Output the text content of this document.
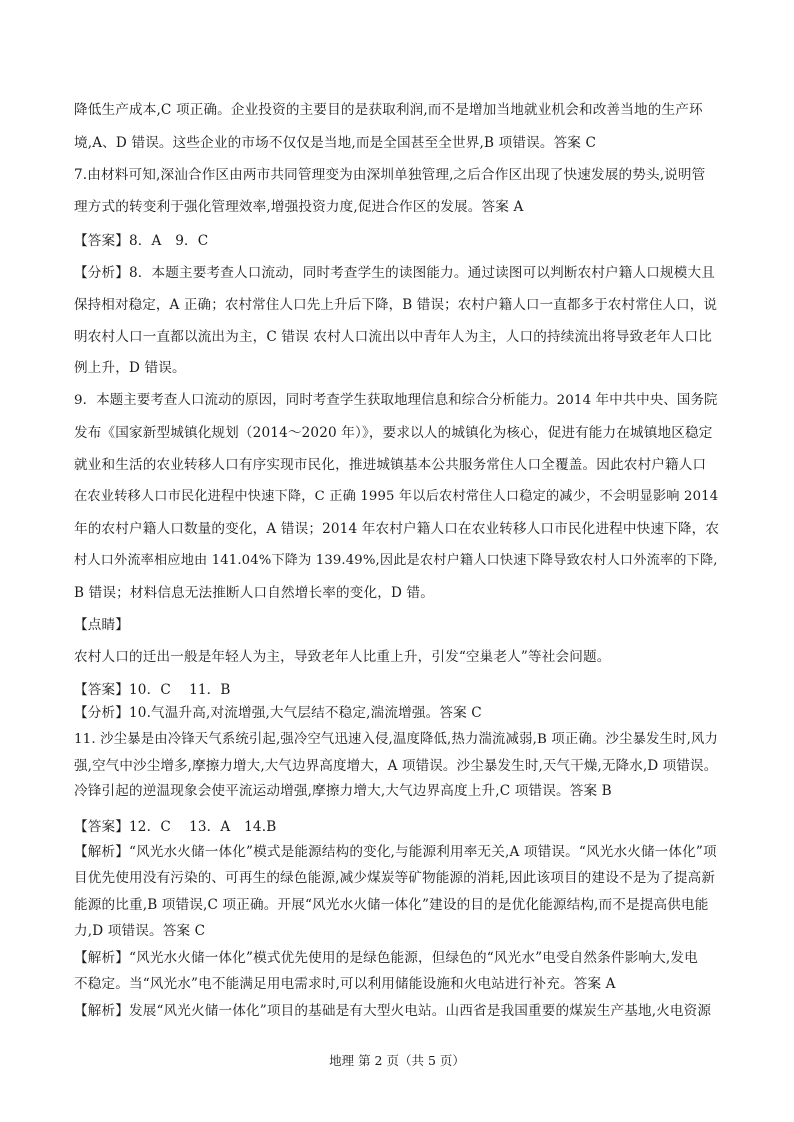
降低生产成本,C 项正确。企业投资的主要目的是获取利润,而不是增加当地就业机会和改善当地的生产环
境,A、D 错误。这些企业的市场不仅仅是当地,而是全国甚至全世界,B 项错误。答案 C
7.由材料可知,深汕合作区由两市共同管理变为由深圳单独管理,之后合作区出现了快速发展的势头,说明管
理方式的转变利于强化管理效率,增强投资力度,促进合作区的发展。答案 A
【答案】8．A　9．C
【分析】8．本题主要考查人口流动，同时考查学生的读图能力。通过读图可以判断农村户籍人口规模大且
保持相对稳定，A 正确；农村常住人口先上升后下降，B 错误；农村户籍人口一直都多于农村常住人口，说
明农村人口一直都以流出为主，C 错误 农村人口流出以中青年人为主，人口的持续流出将导致老年人口比
例上升，D 错误。
9．本题主要考查人口流动的原因，同时考查学生获取地理信息和综合分析能力。2014 年中共中央、国务院
发布《国家新型城镇化规划（2014～2020 年）》，要求以人的城镇化为核心，促进有能力在城镇地区稳定
就业和生活的农业转移人口有序实现市民化，推进城镇基本公共服务常住人口全覆盖。因此农村户籍人口
在农业转移人口市民化进程中快速下降，C 正确 1995 年以后农村常住人口稳定的减少，不会明显影响 2014
年的农村户籍人口数量的变化，A 错误；2014 年农村户籍人口在农业转移人口市民化进程中快速下降，农
村人口外流率相应地由 141.04%下降为 139.49%,因此是农村户籍人口快速下降导致农村人口外流率的下降,
B 错误；材料信息无法推断人口自然增长率的变化，D 错。
【点睛】
农村人口的迁出一般是年轻人为主，导致老年人比重上升，引发“空巢老人”等社会问题。
【答案】10．C　 11．B
【分析】10.气温升高,对流增强,大气层结不稳定,湍流增强。答案 C
11. 沙尘暴是由冷锋天气系统引起,强冷空气迅速入侵,温度降低,热力湍流减弱,B 项正确。沙尘暴发生时,风力
强,空气中沙尘增多,摩擦力增大,大气边界高度增大，A 项错误。沙尘暴发生时,天气干燥,无降水,D 项错误。
冷锋引起的逆温现象会使平流运动增强,摩擦力增大,大气边界高度上升,C 项错误。答案 B
【答案】12．C　 13．A　14.B
【解析】“风光水火储一体化”模式是能源结构的变化,与能源利用率无关,A 项错误。“风光水火储一体化”项
目优先使用没有污染的、可再生的绿色能源,减少煤炭等矿物能源的消耗,因此该项目的建设不是为了提高新
能源的比重,B 项错误,C 项正确。开展“风光水火储一体化”建设的目的是优化能源结构,而不是提高供电能
力,D 项错误。答案 C
【解析】“风光水火储一体化”模式优先使用的是绿色能源，但绿色的“风光水”电受自然条件影响大,发电
不稳定。当“风光水”电不能满足用电需求时,可以利用储能设施和火电站进行补充。答案 A
【解析】发展“风光火储一体化”项目的基础是有大型火电站。山西省是我国重要的煤炭生产基地,火电资源
地理 第 2 页（共 5 页）
